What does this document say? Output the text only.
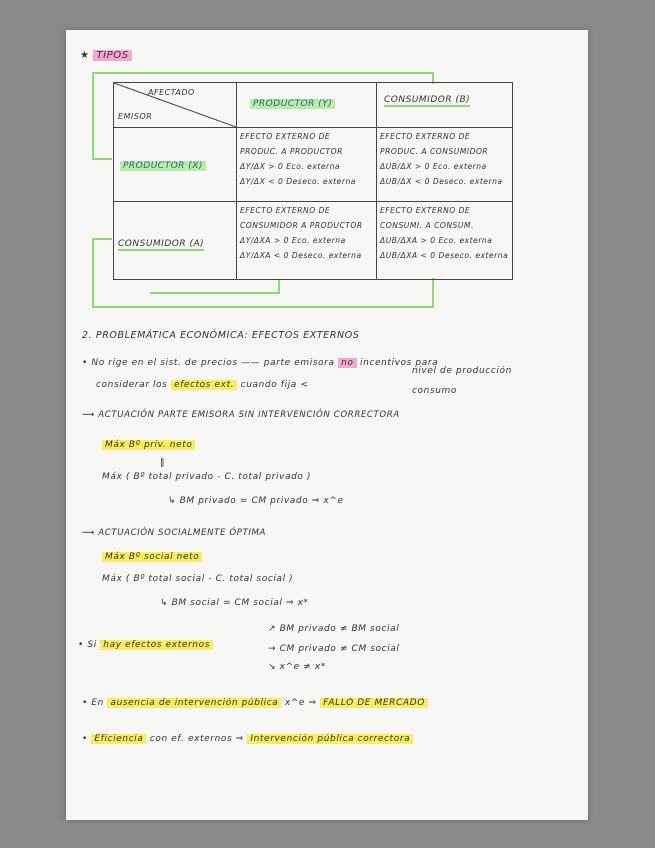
★ TIPOS
AFECTADO
EMISOR
PRODUCTOR (Y)	CONSUMIDOR (B)
PRODUCTOR (X)
CONSUMIDOR (A)
EFECTO EXTERNO DE
PRODUC. A PRODUCTOR
ΔY/ΔX > 0 Eco. externa
ΔY/ΔX < 0 Deseco. externa
EFECTO EXTERNO DE
PRODUC. A CONSUMIDOR
ΔUB/ΔX > 0 Eco. externa
ΔUB/ΔX < 0 Deseco. externa
EFECTO EXTERNO DE
CONSUMIDOR A PRODUCTOR
ΔY/ΔXA > 0 Eco. externa
ΔY/ΔXA < 0 Deseco. externa
EFECTO EXTERNO DE
CONSUMI. A CONSUM.
ΔUB/ΔXA > 0 Eco. externa
ΔUB/ΔXA < 0 Deseco. externa
2. PROBLEMÁTICA ECONÓMICA: EFECTOS EXTERNOS
• No rige en el sist. de precios —— parte emisora no incentivos para
considerar los efectos ext. cuando fija <
nivel de producción
consumo
⟿ ACTUACIÓN PARTE EMISORA SIN INTERVENCIÓN CORRECTORA
Máx Bº priv. neto
‖
Máx ( Bº total privado - C. total privado )
↳ BM privado = CM privado ⇒ x^e
⟿ ACTUACIÓN SOCIALMENTE ÓPTIMA
Máx Bº social neto
Máx ( Bº total social - C. total social )
↳ BM social = CM social ⇒ x*
• Si hay efectos externos
↗ BM privado ≠ BM social
→ CM privado ≠ CM social
↘ x^e ≠ x*
• En ausencia de intervención pública x^e ⇒ FALLO DE MERCADO
• Eficiencia con ef. externos ⇒ Intervención pública correctora
